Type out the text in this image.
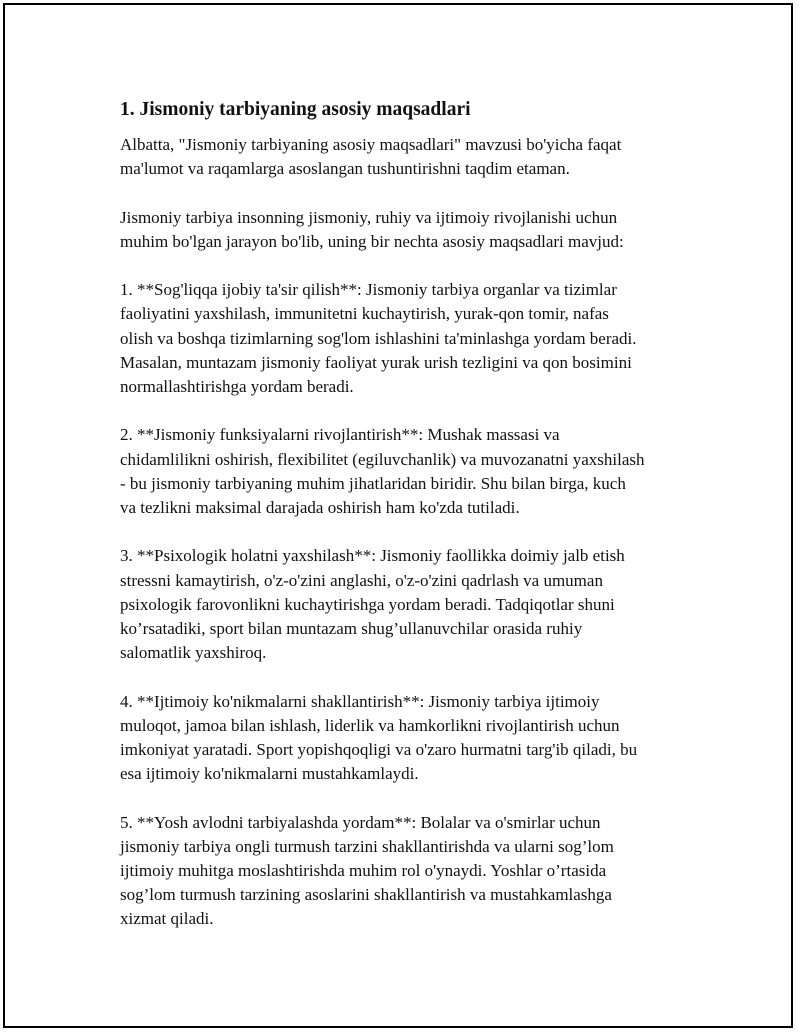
1. Jismoniy tarbiyaning asosiy maqsadlari
Albatta, "Jismoniy tarbiyaning asosiy maqsadlari" mavzusi bo'yicha faqat
ma'lumot va raqamlarga asoslangan tushuntirishni taqdim etaman.
Jismoniy tarbiya insonning jismoniy, ruhiy va ijtimoiy rivojlanishi uchun
muhim bo'lgan jarayon bo'lib, uning bir nechta asosiy maqsadlari mavjud:
1. **Sog'liqqa ijobiy ta'sir qilish**: Jismoniy tarbiya organlar va tizimlar
faoliyatini yaxshilash, immunitetni kuchaytirish, yurak-qon tomir, nafas
olish va boshqa tizimlarning sog'lom ishlashini ta'minlashga yordam beradi.
Masalan, muntazam jismoniy faoliyat yurak urish tezligini va qon bosimini
normallashtirishga yordam beradi.
2. **Jismoniy funksiyalarni rivojlantirish**: Mushak massasi va
chidamlilikni oshirish, flexibilitet (egiluvchanlik) va muvozanatni yaxshilash
- bu jismoniy tarbiyaning muhim jihatlaridan biridir. Shu bilan birga, kuch
va tezlikni maksimal darajada oshirish ham ko'zda tutiladi.
3. **Psixologik holatni yaxshilash**: Jismoniy faollikka doimiy jalb etish
stressni kamaytirish, o'z-o'zini anglashi, o'z-o'zini qadrlash va umuman
psixologik farovonlikni kuchaytirishga yordam beradi. Tadqiqotlar shuni
ko’rsatadiki, sport bilan muntazam shug’ullanuvchilar orasida ruhiy
salomatlik yaxshiroq.
4. **Ijtimoiy ko'nikmalarni shakllantirish**: Jismoniy tarbiya ijtimoiy
muloqot, jamoa bilan ishlash, liderlik va hamkorlikni rivojlantirish uchun
imkoniyat yaratadi. Sport yopishqoqligi va o'zaro hurmatni targ'ib qiladi, bu
esa ijtimoiy ko'nikmalarni mustahkamlaydi.
5. **Yosh avlodni tarbiyalashda yordam**: Bolalar va o'smirlar uchun
jismoniy tarbiya ongli turmush tarzini shakllantirishda va ularni sog’lom
ijtimoiy muhitga moslashtirishda muhim rol o'ynaydi. Yoshlar o’rtasida
sog’lom turmush tarzining asoslarini shakllantirish va mustahkamlashga
xizmat qiladi.
